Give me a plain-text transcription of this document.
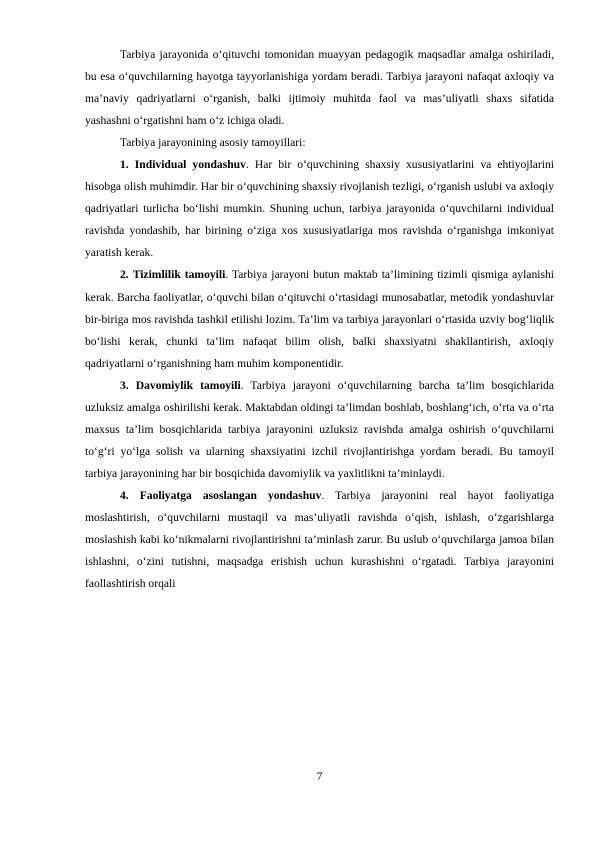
Tarbiya jarayonida o‘qituvchi tomonidan muayyan pedagogik maqsadlar amalga oshiriladi, bu esa o‘quvchilarning hayotga tayyorlanishiga yordam beradi. Tarbiya jarayoni nafaqat axloqiy va ma’naviy qadriyatlarni o‘rganish, balki ijtimoiy muhitda faol va mas’uliyatli shaxs sifatida yashashni o‘rgatishni ham o‘z ichiga oladi.

Tarbiya jarayonining asosiy tamoyillari:

1. Individual yondashuv. Har bir o‘quvchining shaxsiy xususiyatlarini va ehtiyojlarini hisobga olish muhimdir. Har bir o‘quvchining shaxsiy rivojlanish tezligi, o‘rganish uslubi va axloqiy qadriyatlari turlicha bo‘lishi mumkin. Shuning uchun, tarbiya jarayonida o‘quvchilarni individual ravishda yondashib, har birining o‘ziga xos xususiyatlariga mos ravishda o‘rganishga imkoniyat yaratish kerak.

2. Tizimlilik tamoyili. Tarbiya jarayoni butun maktab ta’limining tizimli qismiga aylanishi kerak. Barcha faoliyatlar, o‘quvchi bilan o‘qituvchi o‘rtasidagi munosabatlar, metodik yondashuvlar bir-biriga mos ravishda tashkil etilishi lozim. Ta’lim va tarbiya jarayonlari o‘rtasida uzviy bog‘liqlik bo‘lishi kerak, chunki ta’lim nafaqat bilim olish, balki shaxsiyatni shakllantirish, axloqiy qadriyatlarni o‘rganishning ham muhim komponentidir.

3. Davomiylik tamoyili. Tarbiya jarayoni o‘quvchilarning barcha ta’lim bosqichlarida uzluksiz amalga oshirilishi kerak. Maktabdan oldingi ta’limdan boshlab, boshlang‘ich, o‘rta va o‘rta maxsus ta’lim bosqichlarida tarbiya jarayonini uzluksiz ravishda amalga oshirish o‘quvchilarni to‘g‘ri yo‘lga solish va ularning shaxsiyatini izchil rivojlantirishga yordam beradi. Bu tamoyil tarbiya jarayonining har bir bosqichida davomiylik va yaxlitlikni ta’minlaydi.

4. Faoliyatga asoslangan yondashuv. Tarbiya jarayonini real hayot faoliyatiga moslashtirish, o‘quvchilarni mustaqil va mas’uliyatli ravishda o‘qish, ishlash, o‘zgarishlarga moslashish kabi ko‘nikmalarni rivojlantirishni ta’minlash zarur. Bu uslub o‘quvchilarga jamoa bilan ishlashni, o‘zini tutishni, maqsadga erishish uchun kurashishni o‘rgatadi. Tarbiya jarayonini faollashtirish orqali

7
